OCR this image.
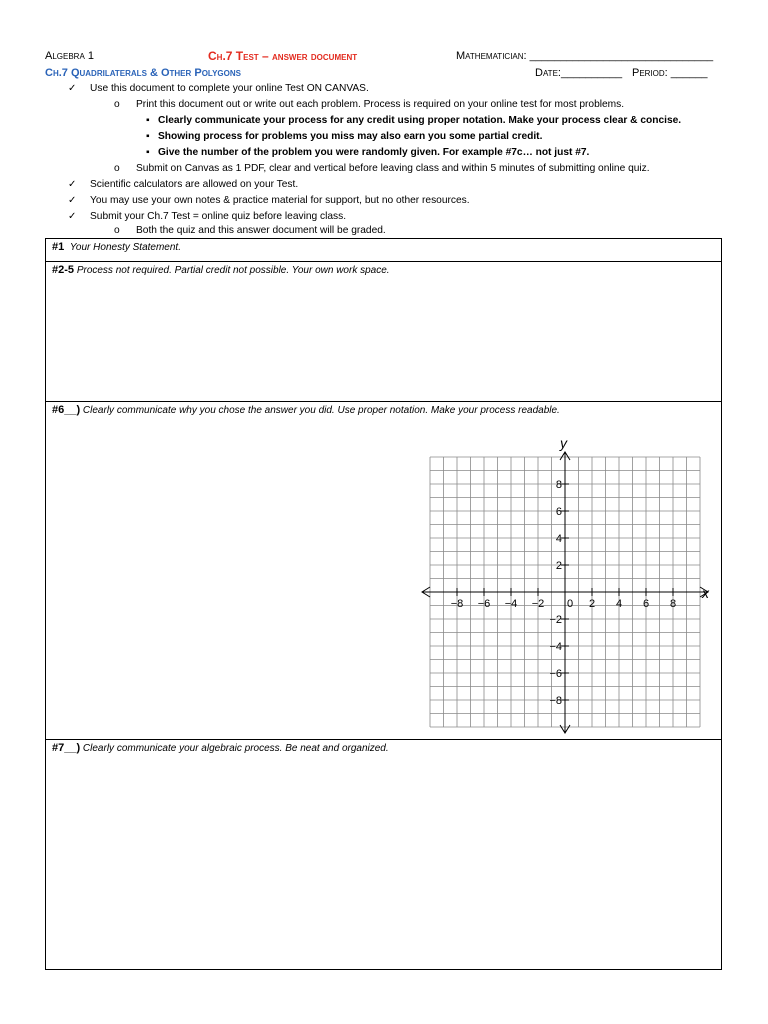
Algebra 1	Ch.7 Test – answer document	Mathematician: ______________________________
Ch.7 Quadrilaterals & Other Polygons	Date:__________ Period: ______
✓ Use this document to complete your online Test ON CANVAS.
o Print this document out or write out each problem. Process is required on your online test for most problems.
▪ Clearly communicate your process for any credit using proper notation. Make your process clear & concise.
▪ Showing process for problems you miss may also earn you some partial credit.
▪ Give the number of the problem you were randomly given. For example #7c… not just #7.
o Submit on Canvas as 1 PDF, clear and vertical before leaving class and within 5 minutes of submitting online quiz.
✓ Scientific calculators are allowed on your Test.
✓ You may use your own notes & practice material for support, but no other resources.
✓ Submit your Ch.7 Test = online quiz before leaving class.
o Both the quiz and this answer document will be graded.
#1 Your Honesty Statement.
#2-5 Process not required. Partial credit not possible. Your own work space.
#6__) Clearly communicate why you chose the answer you did. Use proper notation. Make your process readable.
#7__) Clearly communicate your algebraic process. Be neat and organized.
−8 −6 −4 −2	2 4 6 8
8
6
4
2
−2
−4
−6
−8
x
y
0
